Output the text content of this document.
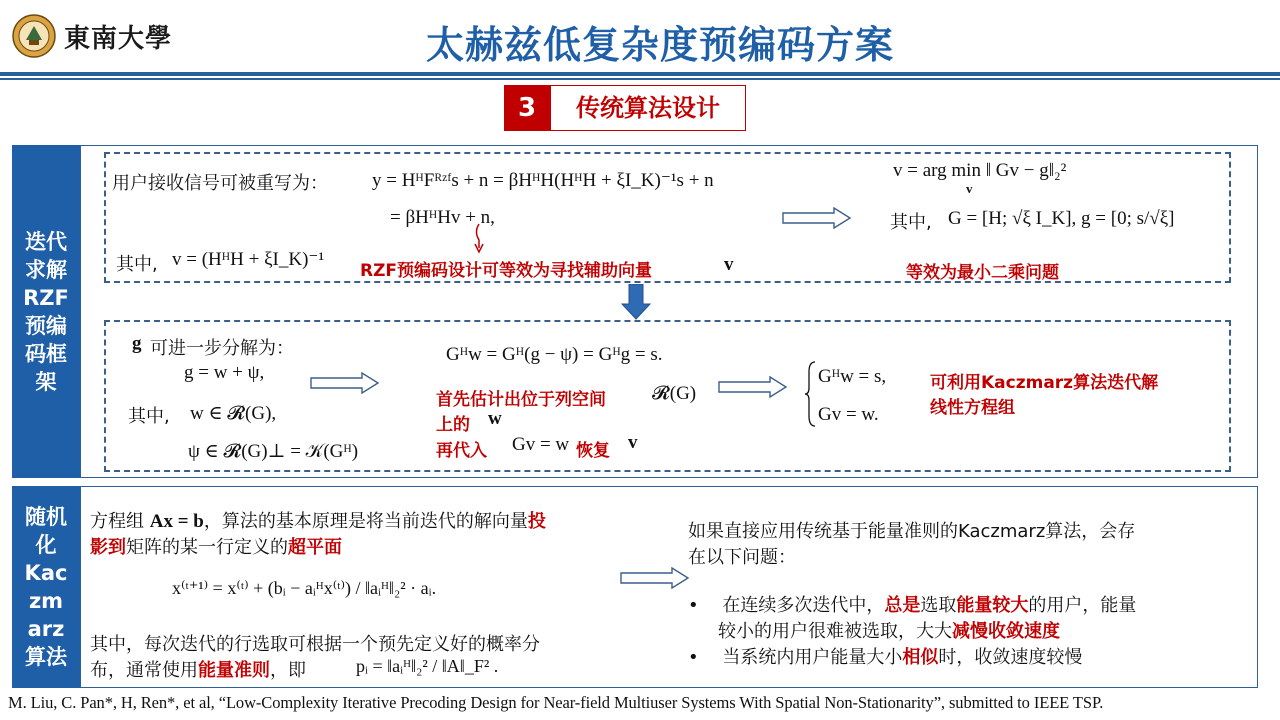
東南大學	太赫兹低复杂度预编码方案
3	传统算法设计
迭代
求解
RZF
预编
码框
架
随机
化
Kac
zm
arz
算法
用户接收信号可被重写为： y = HᴴFᴿᶻᶠs + n = βHᴴH(HᴴH + ξI_K)⁻¹s + n
= βHᴴHv + n,
其中, v = (HᴴH + ξI_K)⁻¹
RZF预编码设计可等效为寻找辅助向量	v
v = arg min ‖ Gv − g‖₂²
v
其中, G = [H; √ξ I_K], g = [0; s/√ξ]
等效为最小二乘问题
g 可进一步分解为：
g = w + ψ,
其中, w ∈ 𝓡(G),
ψ ∈ 𝓡(G)⊥ = 𝒦(Gᴴ)
Gᴴw = Gᴴ(g − ψ) = Gᴴg = s.
首先估计出位于列空间 𝓡(G)
上的 w
再代入 Gv = w 恢复 v
Gᴴw = s,
Gv = w.
可利用Kaczmarz算法迭代解
线性方程组
方程组 Ax = b，算法的基本原理是将当前迭代的解向量投
影到矩阵的某一行定义的超平面
x⁽ᵗ⁺¹⁾ = x⁽ᵗ⁾ + (bᵢ − aᵢᴴx⁽ᵗ⁾) / ‖aᵢᴴ‖₂² · aᵢ.
其中，每次迭代的行选取可根据一个预先定义好的概率分
布，通常使用能量准则，即	pᵢ = ‖aᵢᴴ‖₂² / ‖A‖_F² .
如果直接应用传统基于能量准则的Kaczmarz算法，会存
在以下问题：
• 在连续多次迭代中，总是选取能量较大的用户，能量
较小的用户很难被选取，大大减慢收敛速度
• 当系统内用户能量大小相似时，收敛速度较慢
M. Liu, C. Pan*, H, Ren*, et al, “Low-Complexity Iterative Precoding Design for Near-field Multiuser Systems With Spatial Non-Stationarity”, submitted to IEEE TSP.
